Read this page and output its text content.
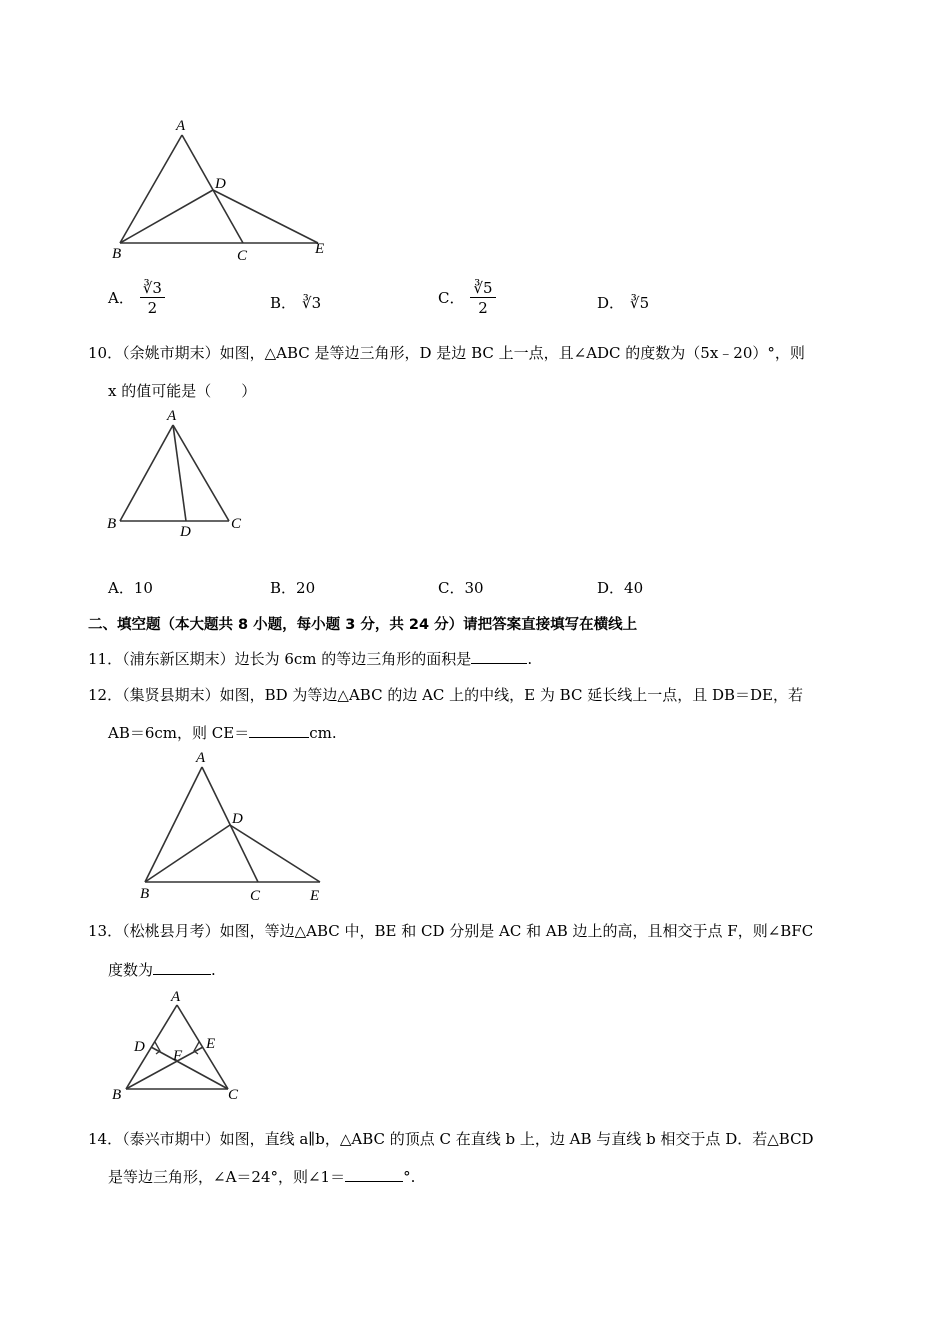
A
D
B	C	E
A． $\frac{∛3}{2}$	B． ∛3	C． $\frac{∛5}{2}$	D． ∛5
10．（余姚市期末）如图，△ABC 是等边三角形，D 是边 BC 上一点，且∠ADC 的度数为（5x﹣20）°，则
x 的值可能是（　　）
A
B	D	C
A．10	B．20	C．30	D．40
二、填空题（本大题共 8 小题，每小题 3 分，共 24 分）请把答案直接填写在横线上
11．（浦东新区期末）边长为 6cm 的等边三角形的面积是	.
12．（集贤县期末）如图，BD 为等边△ABC 的边 AC 上的中线，E 为 BC 延长线上一点，且 DB＝DE，若
AB＝6cm，则 CE＝	cm.
A
D
B	C	E
13．（松桃县月考）如图，等边△ABC 中，BE 和 CD 分别是 AC 和 AB 边上的高，且相交于点 F，则∠BFC
度数为	.
A
D	E
F
B	C
14．（泰兴市期中）如图，直线 a∥b，△ABC 的顶点 C 在直线 b 上，边 AB 与直线 b 相交于点 D．若△BCD
是等边三角形，∠A＝24°，则∠1＝	°.
